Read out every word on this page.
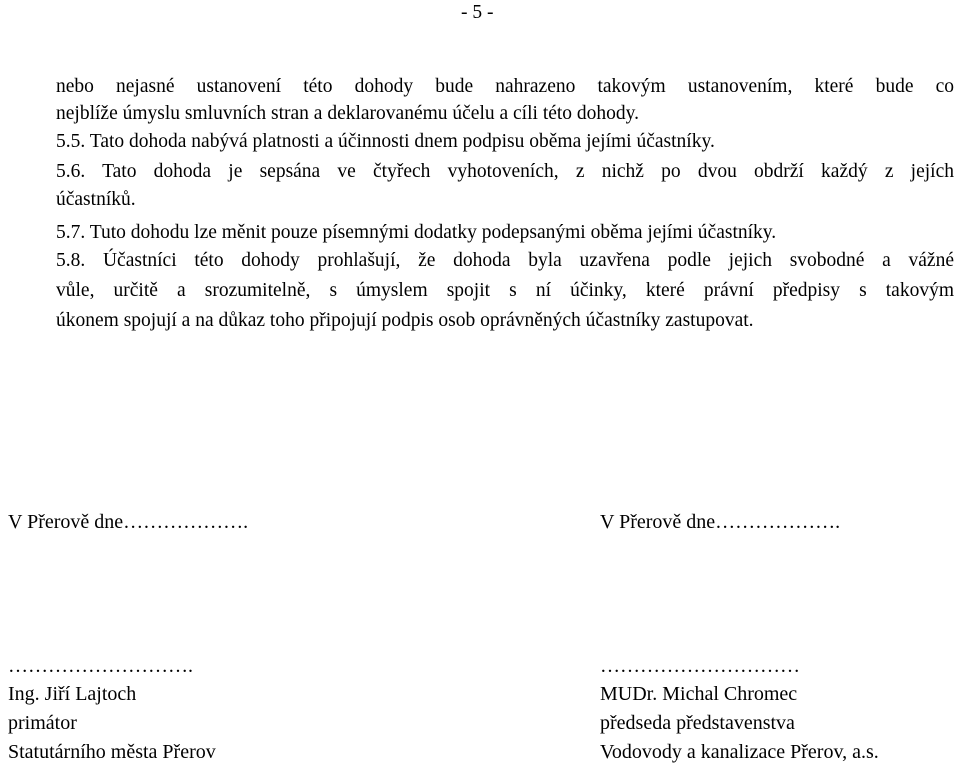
- 5 -
nebo nejasné ustanovení této dohody bude nahrazeno takovým ustanovením, které bude co
nejblíže úmyslu smluvních stran a deklarovanému účelu a cíli této dohody.
5.5. Tato dohoda nabývá platnosti a účinnosti dnem podpisu oběma jejími účastníky.
5.6. Tato dohoda je sepsána ve čtyřech vyhotoveních, z nichž po dvou obdrží každý z jejích
účastníků.
5.7. Tuto dohodu lze měnit pouze písemnými dodatky podepsanými oběma jejími účastníky.
5.8. Účastníci této dohody prohlašují, že dohoda byla uzavřena podle jejich svobodné a vážné
vůle, určitě a srozumitelně, s úmyslem spojit s ní účinky, které právní předpisy s takovým
úkonem spojují a na důkaz toho připojují podpis osob oprávněných účastníky zastupovat.
V Přerově dne……………….	V Přerově dne……………….
……………………….	…………………………
Ing. Jiří Lajtoch	MUDr. Michal Chromec
primátor	předseda představenstva
Statutárního města Přerov	Vodovody a kanalizace Přerov, a.s.
